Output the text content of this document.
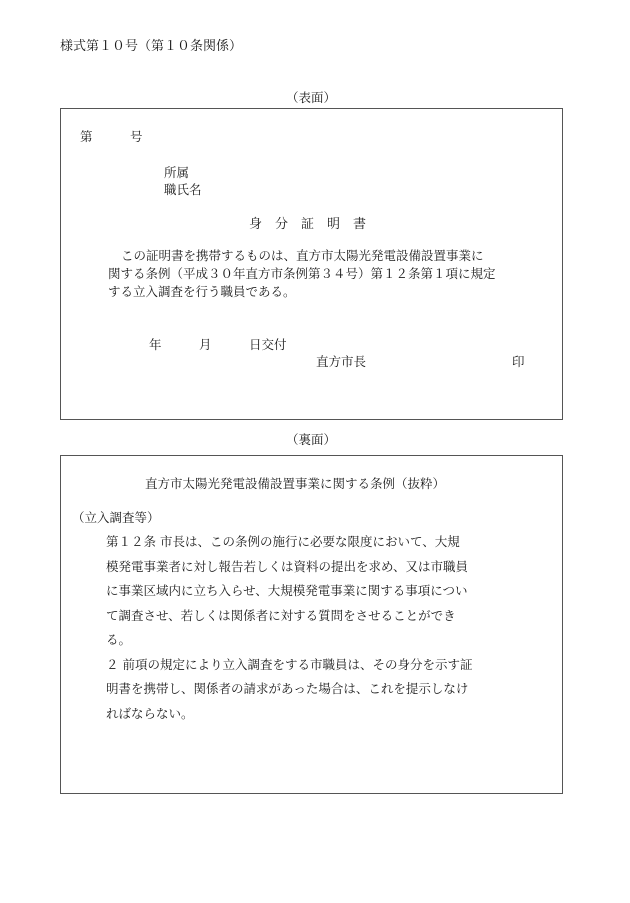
様式第１０号（第１０条関係）
（表面）
第　　　号
所属
職氏名
身　分　証　明　書
この証明書を携帯するものは、直方市太陽光発電設備設置事業に
関する条例（平成３０年直方市条例第３４号）第１２条第１項に規定
する立入調査を行う職員である。
年　　　月　　　日交付
直方市長	印
（裏面）
直方市太陽光発電設備設置事業に関する条例（抜粋）
（立入調査等）
第１２条 市長は、この条例の施行に必要な限度において、大規
模発電事業者に対し報告若しくは資料の提出を求め、又は市職員
に事業区域内に立ち入らせ、大規模発電事業に関する事項につい
て調査させ、若しくは関係者に対する質問をさせることができ
る。
２ 前項の規定により立入調査をする市職員は、その身分を示す証
明書を携帯し、関係者の請求があった場合は、これを提示しなけ
ればならない。
